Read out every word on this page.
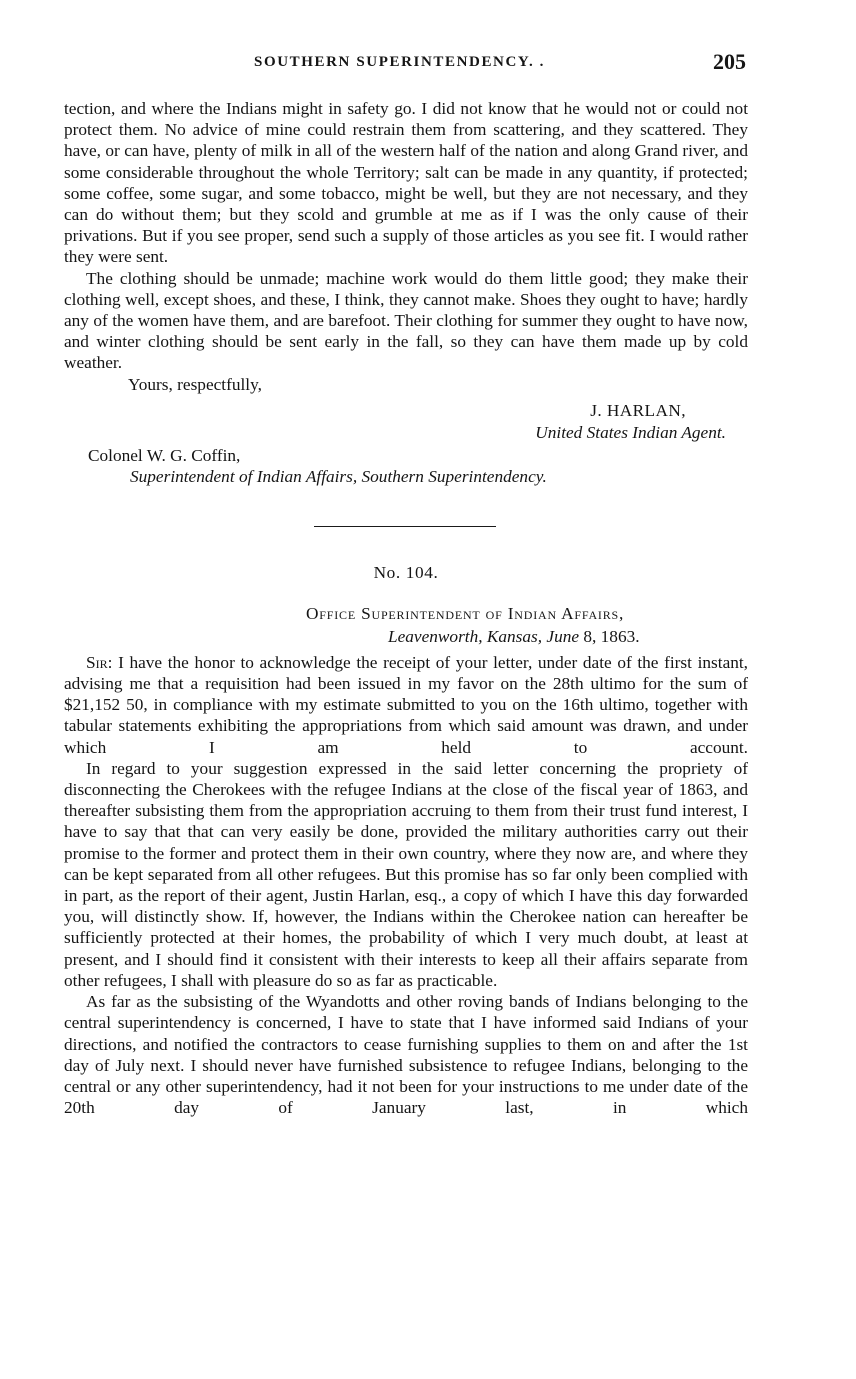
SOUTHERN SUPERINTENDENCY. .	205

tection, and where the Indians might in safety go. I did not know that he would not or could not protect them. No advice of mine could restrain them from scattering, and they scattered. They have, or can have, plenty of milk in all of the western half of the nation and along Grand river, and some considerable throughout the whole Territory; salt can be made in any quantity, if protected; some coffee, some sugar, and some tobacco, might be well, but they are not necessary, and they can do without them; but they scold and grumble at me as if I was the only cause of their privations. But if you see proper, send such a supply of those articles as you see fit. I would rather they were sent.

The clothing should be unmade; machine work would do them little good; they make their clothing well, except shoes, and these, I think, they cannot make. Shoes they ought to have; hardly any of the women have them, and are barefoot. Their clothing for summer they ought to have now, and winter clothing should be sent early in the fall, so they can have them made up by cold weather.

Yours, respectfully,
J. HARLAN,
United States Indian Agent.
Colonel W. G. Coffin,
Superintendent of Indian Affairs, Southern Superintendency.
No. 104.
Office Superintendent of Indian Affairs,
Leavenworth, Kansas, June 8, 1863.

Sir: I have the honor to acknowledge the receipt of your letter, under date of the first instant, advising me that a requisition had been issued in my favor on the 28th ultimo for the sum of $21,152 50, in compliance with my estimate submitted to you on the 16th ultimo, together with tabular statements exhibiting the appropriations from which said amount was drawn, and under which I am held to account.

In regard to your suggestion expressed in the said letter concerning the propriety of disconnecting the Cherokees with the refugee Indians at the close of the fiscal year of 1863, and thereafter subsisting them from the appropriation accruing to them from their trust fund interest, I have to say that that can very easily be done, provided the military authorities carry out their promise to the former and protect them in their own country, where they now are, and where they can be kept separated from all other refugees. But this promise has so far only been complied with in part, as the report of their agent, Justin Harlan, esq., a copy of which I have this day forwarded you, will distinctly show. If, however, the Indians within the Cherokee nation can hereafter be sufficiently protected at their homes, the probability of which I very much doubt, at least at present, and I should find it consistent with their interests to keep all their affairs separate from other refugees, I shall with pleasure do so as far as practicable.

As far as the subsisting of the Wyandotts and other roving bands of Indians belonging to the central superintendency is concerned, I have to state that I have informed said Indians of your directions, and notified the contractors to cease furnishing supplies to them on and after the 1st day of July next. I should never have furnished subsistence to refugee Indians, belonging to the central or any other superintendency, had it not been for your instructions to me under date of the 20th day of January last, in which
